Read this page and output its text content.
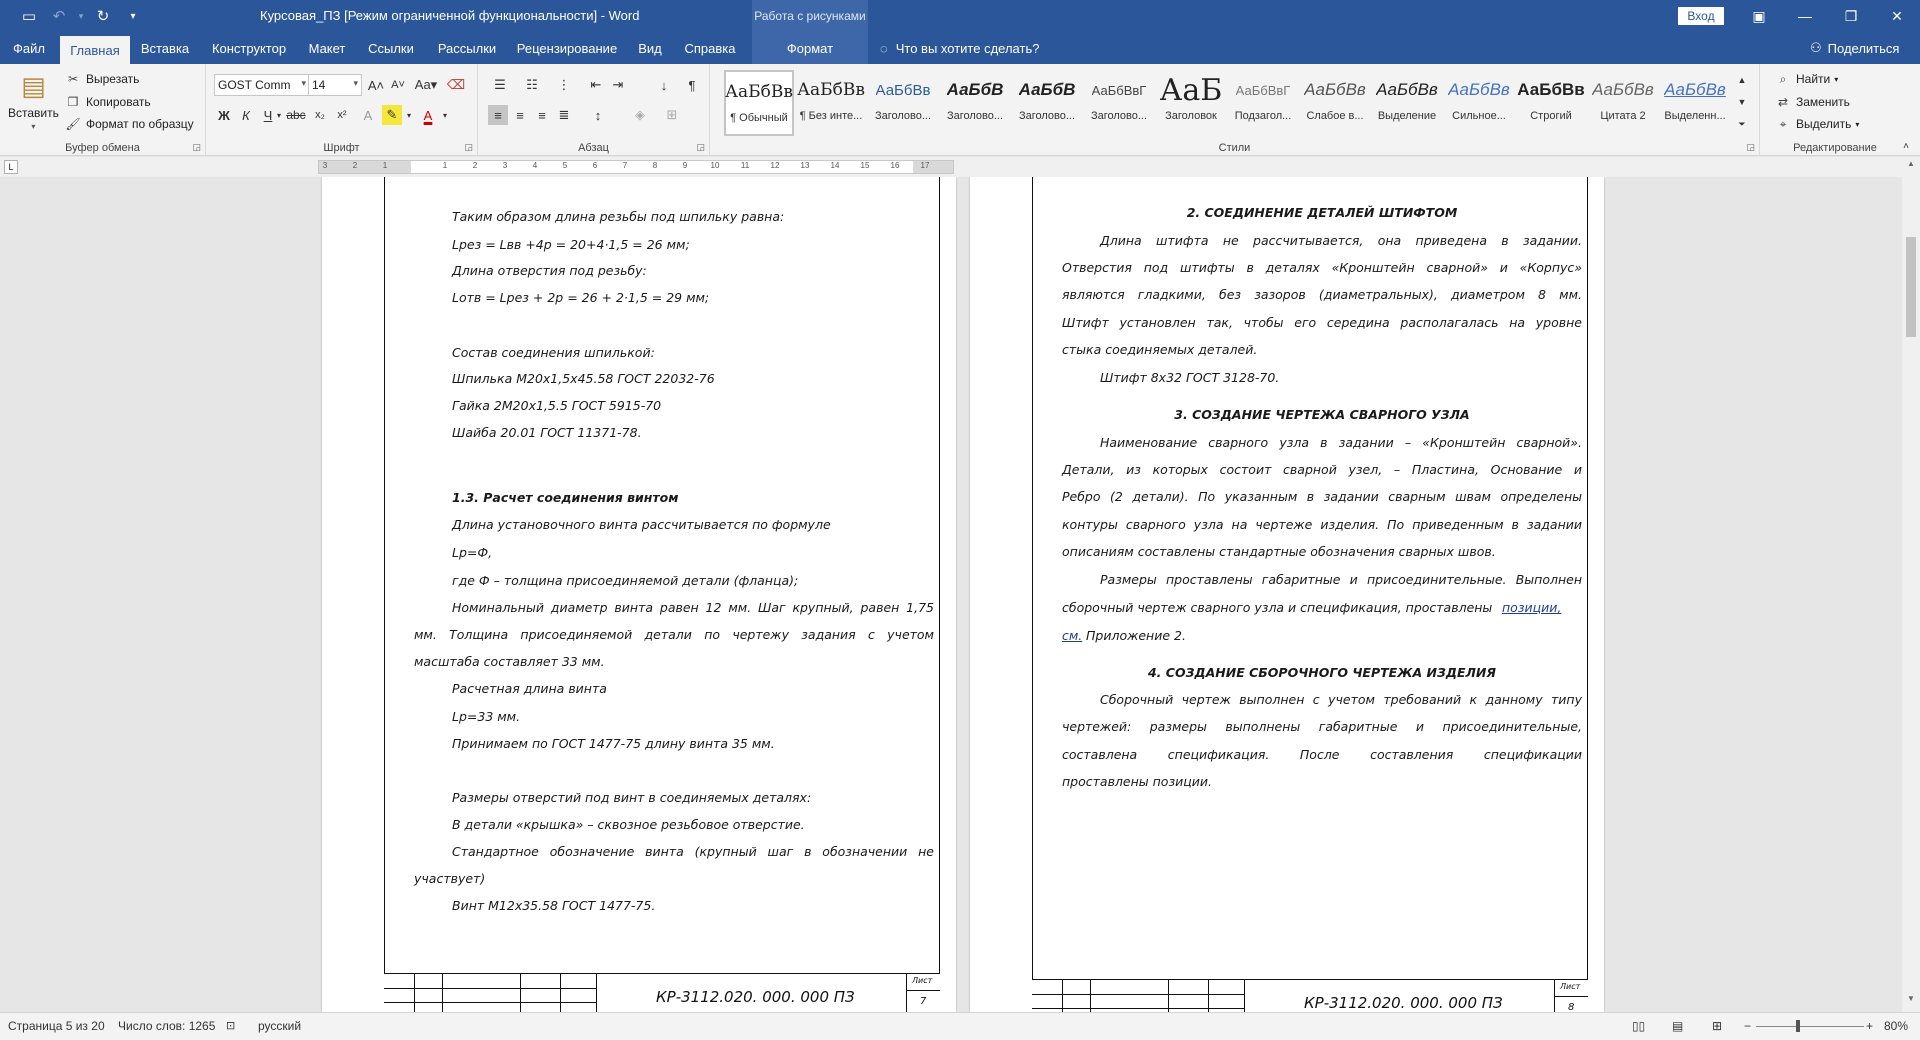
▭	↶	▾ ↻	▾	Курсовая_ПЗ [Режим ограниченной функциональности] - Word	Работа с рисунками	Вход	▣	—	❐	✕
Файл	Главная	Вставка	Конструктор	Макет	Ссылки	Рассылки	Рецензирование	Вид	Справка	Формат	◌ Что вы хотите сделать?	⚇ Поделиться
▤
Вставить
▾
✂ Вырезать
❐ Копировать
🖌 Формат по образцу
Буфер обмена	◲
GOST Comm ▾ 14	▾ A˄ A˅ Aa▾ ⌫
Ж К	Ч ▾ abc x₂	x²	A	✎	▾ A	▾
Шрифт	◲
☰	☷	⋮	⇤ ⇥	↓	¶
≡	≡	≡ ≣	↕	◈	⊞
Абзац	◲
АаБбВв
¶ Обычный
АаБбВв
¶ Без инте...
АаБбВв
Заголово...
АаБбВ
Заголово...
АаБбВ
Заголово...
АаБбВвГ
Заголово...
АаБ
Заголовок
АаБбВвГ
Подзагол...
АаБбВв
Слабое в...
АаБбВв
Выделение
АаБбВв
Сильное...
АаБбВв
Строгий
АаБбВв
Цитата 2
АаБбВв
Выделенн...
▲
▼
⏷
Стили	◲
⌕ Найти ▾
⇄ Заменить
⌖ Выделить ▾
Редактирование	˄
L	3	2	1	1	2	3	4	5	6	7	8	9	10	11	12	13	14	15	16	17
Таким образом длина резьбы под шпильку равна:
Lрез = Lвв +4p = 20+4·1,5 = 26 мм;
Длина отверстия под резьбу:
Lотв = Lрез + 2p = 26 + 2·1,5 = 29 мм;
Состав соединения шпилькой:
Шпилька М20х1,5х45.58 ГОСТ 22032-76
Гайка 2М20х1,5.5 ГОСТ 5915-70
Шайба 20.01 ГОСТ 11371-78.
1.3. Расчет соединения винтом
Длина установочного винта рассчитывается по формуле
Lр=Ф,
где Ф – толщина присоединяемой детали (фланца);
Номинальный диаметр винта равен 12 мм. Шаг крупный, равен 1,75
мм. Толщина присоединяемой детали по чертежу задания с учетом
масштаба составляет 33 мм.
Расчетная длина винта
Lр=33 мм.
Принимаем по ГОСТ 1477-75 длину винта 35 мм.
Размеры отверстий под винт в соединяемых деталях:
В детали «крышка» – сквозное резьбовое отверстие.
Стандартное обозначение винта (крупный шаг в обозначении не
участвует)
Винт М12х35.58 ГОСТ 1477-75.
КР-3112.020. 000. 000 ПЗ
Лист
7
2. СОЕДИНЕНИЕ ДЕТАЛЕЙ ШТИФТОМ
Длина штифта не рассчитывается, она приведена в задании.
Отверстия под штифты в деталях «Кронштейн сварной» и «Корпус»
являются гладкими, без зазоров (диаметральных), диаметром 8 мм.
Штифт установлен так, чтобы его середина располагалась на уровне
стыка соединяемых деталей.
Штифт 8х32 ГОСТ 3128-70.
3. СОЗДАНИЕ ЧЕРТЕЖА СВАРНОГО УЗЛА
Наименование сварного узла в задании – «Кронштейн сварной».
Детали, из которых состоит сварной узел, – Пластина, Основание и
Ребро (2 детали). По указанным в задании сварным швам определены
контуры сварного узла на чертеже изделия. По приведенным в задании
описаниям составлены стандартные обозначения сварных швов.
Размеры проставлены габаритные и присоединительные. Выполнен
сборочный чертеж сварного узла и спецификация, проставлены позиции,
см. Приложение 2.
4. СОЗДАНИЕ СБОРОЧНОГО ЧЕРТЕЖА ИЗДЕЛИЯ
Сборочный чертеж выполнен с учетом требований к данному типу
чертежей: размеры выполнены габаритные и присоединительные,
составлена спецификация. После составления спецификации
проставлены позиции.
КР-3112.020. 000. 000 ПЗ
Лист
8
▲
▼
Страница 5 из 20 Число слов: 1265 ⊡ русский	▯▯ ▤ ⊞ −	+ 80%
